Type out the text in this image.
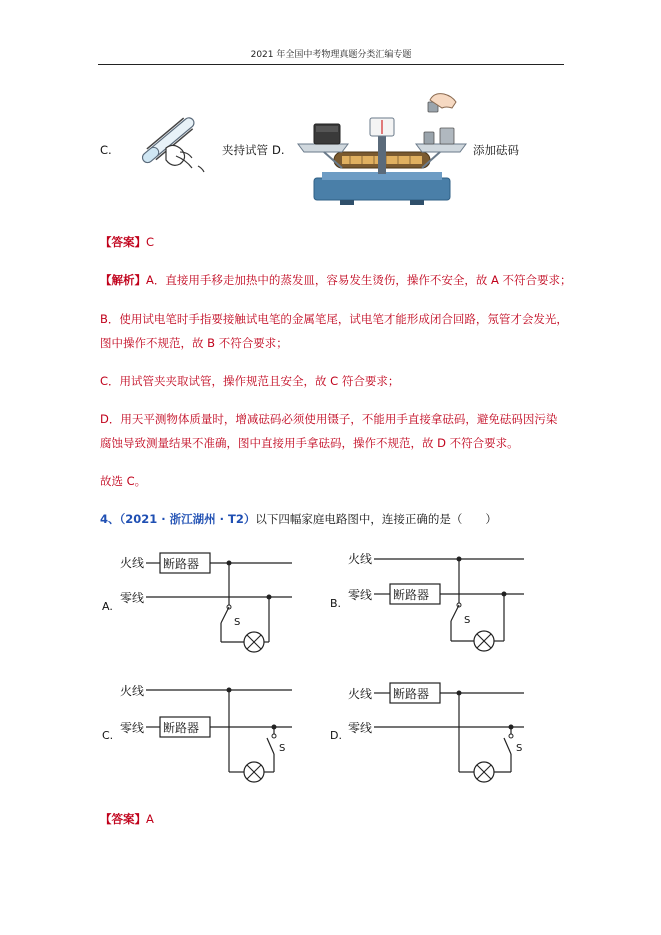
2021 年全国中考物理真题分类汇编专题
C.	夹持试管 D.	添加砝码
【答案】C
【解析】A．直接用手移走加热中的蒸发皿，容易发生烫伤，操作不安全，故 A 不符合要求；
B．使用试电笔时手指要接触试电笔的金属笔尾，试电笔才能形成闭合回路，氖管才会发光，
图中操作不规范，故 B 不符合要求；
C．用试管夹夹取试管，操作规范且安全，故 C 符合要求；
D．用天平测物体质量时，增减砝码必须使用镊子，不能用手直接拿砝码，避免砝码因污染
腐蚀导致测量结果不准确，图中直接用手拿砝码，操作不规范，故 D 不符合要求。
故选 C。
4、（2021 · 浙江湖州 · T2）以下四幅家庭电路图中，连接正确的是（　　）
火线 断路器
零线
A.
S
火线
零线 断路器
B.
S
火线
零线 断路器
C.
S
火线 断路器
零线
D.
S
【答案】A
